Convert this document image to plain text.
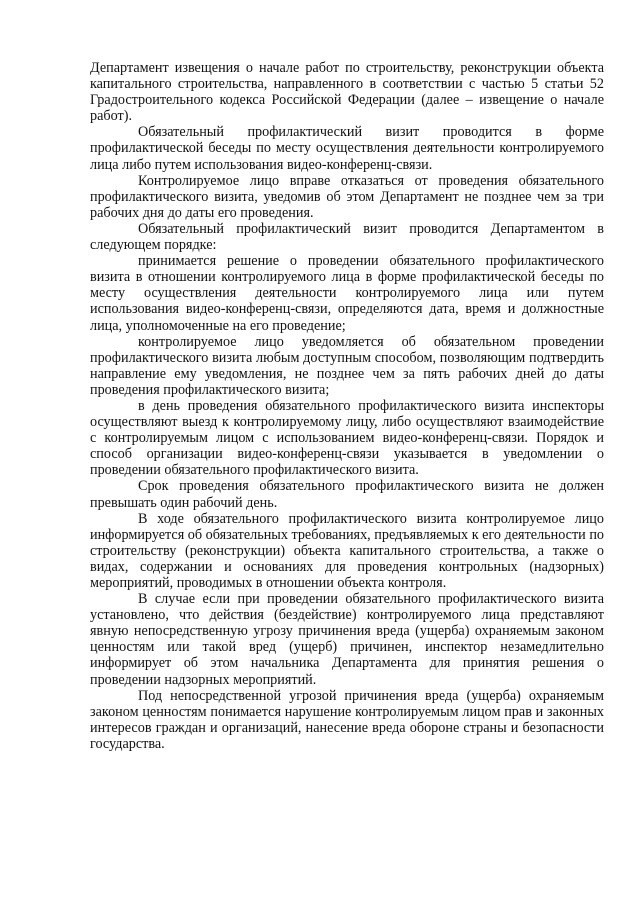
Департамент извещения о начале работ по строительству, реконструкции объекта капитального строительства, направленного в соответствии с частью 5 статьи 52 Градостроительного кодекса Российской Федерации (далее – извещение о начале работ).

Обязательный профилактический визит проводится в форме профилактической беседы по месту осуществления деятельности контролируемого лица либо путем использования видео-конференц-связи.

Контролируемое лицо вправе отказаться от проведения обязательного профилактического визита, уведомив об этом Департамент не позднее чем за три рабочих дня до даты его проведения.

Обязательный профилактический визит проводится Департаментом в следующем порядке:

принимается решение о проведении обязательного профилактического визита в отношении контролируемого лица в форме профилактической беседы по месту осуществления деятельности контролируемого лица или путем использования видео-конференц-связи, определяются дата, время и должностные лица, уполномоченные на его проведение;

контролируемое лицо уведомляется об обязательном проведении профилактического визита любым доступным способом, позволяющим подтвердить направление ему уведомления, не позднее чем за пять рабочих дней до даты проведения профилактического визита;

в день проведения обязательного профилактического визита инспекторы осуществляют выезд к контролируемому лицу, либо осуществляют взаимодействие с контролируемым лицом с использованием видео-конференц-связи. Порядок и способ организации видео-конференц-связи указывается в уведомлении о проведении обязательного профилактического визита.

Срок проведения обязательного профилактического визита не должен превышать один рабочий день.

В ходе обязательного профилактического визита контролируемое лицо информируется об обязательных требованиях, предъявляемых к его деятельности по строительству (реконструкции) объекта капитального строительства, а также о видах, содержании и основаниях для проведения контрольных (надзорных) мероприятий, проводимых в отношении объекта контроля.

В случае если при проведении обязательного профилактического визита установлено, что действия (бездействие) контролируемого лица представляют явную непосредственную угрозу причинения вреда (ущерба) охраняемым законом ценностям или такой вред (ущерб) причинен, инспектор незамедлительно информирует об этом начальника Департамента для принятия решения о проведении надзорных мероприятий.

Под непосредственной угрозой причинения вреда (ущерба) охраняемым законом ценностям понимается нарушение контролируемым лицом прав и законных интересов граждан и организаций, нанесение вреда обороне страны и безопасности государства.
